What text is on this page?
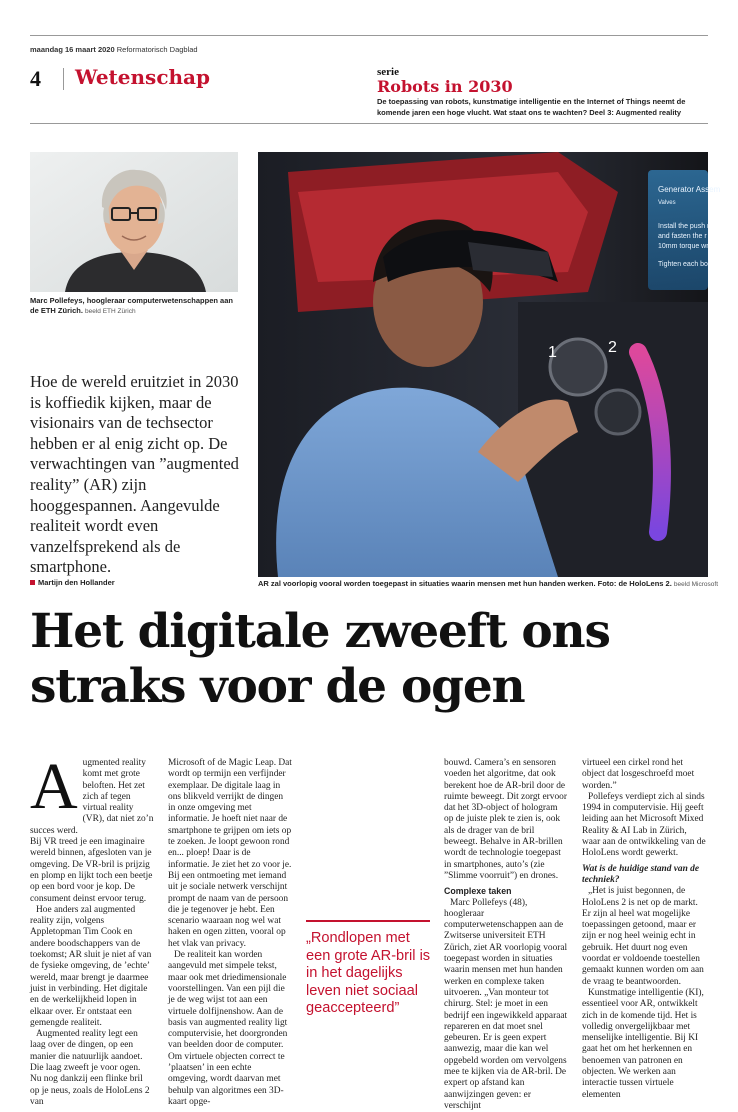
maandag 16 maart 2020 Reformatorisch Dagblad
4 Wetenschap	serie
Robots in 2030
De toepassing van robots, kunstmatige intelligentie en the Internet of Things neemt de komende jaren een hoge vlucht. Wat staat ons te wachten? Deel 3: Augmented reality
Marc Pollefeys, hoogleraar computerwetenschappen aan de ETH Zürich. beeld ETH Zürich
Hoe de wereld eruitziet in 2030 is koffiedik kijken, maar de visionairs van de techsector hebben er al enig zicht op. De verwachtingen van ”augmented reality” (AR) zijn hooggespannen. Aangevulde realiteit wordt even vanzelfsprekend als de smartphone.
Martijn den Hollander
1	2
Generator Assem
Valves
Install the push r
and fasten the r
10mm torque wr
Tighten each bol
AR zal voorlopig vooral worden toegepast in situaties waarin mensen met hun handen werken. Foto: de HoloLens 2. beeld Microsoft
Het digitale zweeft ons
straks voor de ogen
A ugmented reality komt met grote beloften. Het zet zich af tegen virtual reality (VR), dat niet zo’n succes werd.

Bij VR treed je een imaginaire wereld binnen, afgesloten van je omgeving. De VR-bril is prijzig en plomp en lijkt toch een beetje op een bord voor je kop. De consument deinst ervoor terug.

Hoe anders zal augmented reality zijn, volgens Appletopman Tim Cook en andere boodschappers van de toekomst; AR sluit je niet af van de fysieke omgeving, de ’echte’ wereld, maar brengt je daarmee juist in verbinding. Het digitale en de werkelijkheid lopen in elkaar over. Er ontstaat een gemengde realiteit.

Augmented reality legt een laag over de dingen, op een manier die natuurlijk aandoet. Die laag zweeft je voor ogen. Nu nog dankzij een flinke bril op je neus, zoals de HoloLens 2 van

Microsoft of de Magic Leap. Dat wordt op termijn een verfijnder exemplaar. De digitale laag in ons blikveld verrijkt de dingen in onze omgeving met informatie. Je hoeft niet naar de smartphone te grijpen om iets op te zoeken. Je loopt gewoon rond en... ploep! Daar is de informatie. Je ziet het zo voor je. Bij een ontmoeting met iemand uit je sociale netwerk verschijnt prompt de naam van de persoon die je tegenover je hebt. Een scenario waaraan nog wel wat haken en ogen zitten, vooral op het vlak van privacy.

De realiteit kan worden aangevuld met simpele tekst, maar ook met driedimensionale voorstellingen. Van een pijl die je de weg wijst tot aan een virtuele dolfijnenshow. Aan de basis van augmented reality ligt computervisie, het doorgronden van beelden door de computer. Om virtuele objecten correct te ’plaatsen’ in een echte omgeving, wordt daarvan met behulp van algoritmes een 3D-kaart opge-

„Rondlopen met een grote AR-bril is in het dagelijks leven niet sociaal geaccepteerd”

bouwd. Camera’s en sensoren voeden het algoritme, dat ook berekent hoe de AR-bril door de ruimte beweegt. Dit zorgt ervoor dat het 3D-object of hologram op de juiste plek te zien is, ook als de drager van de bril beweegt. Behalve in AR-brillen wordt de technologie toegepast in smartphones, auto’s (zie ”Slimme voorruit”) en drones.

Complexe taken

Marc Pollefeys (48), hoogleraar computerwetenschappen aan de Zwitserse universiteit ETH Zürich, ziet AR voorlopig vooral toegepast worden in situaties waarin mensen met hun handen werken en complexe taken uitvoeren. „Van monteur tot chirurg. Stel: je moet in een bedrijf een ingewikkeld apparaat repareren en dat moet snel gebeuren. Er is geen expert aanwezig, maar die kan wel opgebeld worden om vervolgens mee te kijken via de AR-bril. De expert op afstand kan aanwijzingen geven: er verschijnt

virtueel een cirkel rond het object dat losgeschroefd moet worden.”

Pollefeys verdiept zich al sinds 1994 in computervisie. Hij geeft leiding aan het Microsoft Mixed Reality & AI Lab in Zürich, waar aan de ontwikkeling van de HoloLens wordt gewerkt.

Wat is de huidige stand van de techniek?

„Het is juist begonnen, de HoloLens 2 is net op de markt. Er zijn al heel wat mogelijke toepassingen getoond, maar er zijn er nog heel weinig echt in gebruik. Het duurt nog even voordat er voldoende toestellen gemaakt kunnen worden om aan de vraag te beantwoorden.

Kunstmatige intelligentie (KI), essentieel voor AR, ontwikkelt zich in de komende tijd. Het is volledig onvergelijkbaar met menselijke intelligentie. Bij KI gaat het om het herkennen en benoemen van patronen en objecten. We werken aan interactie tussen virtuele elementen
